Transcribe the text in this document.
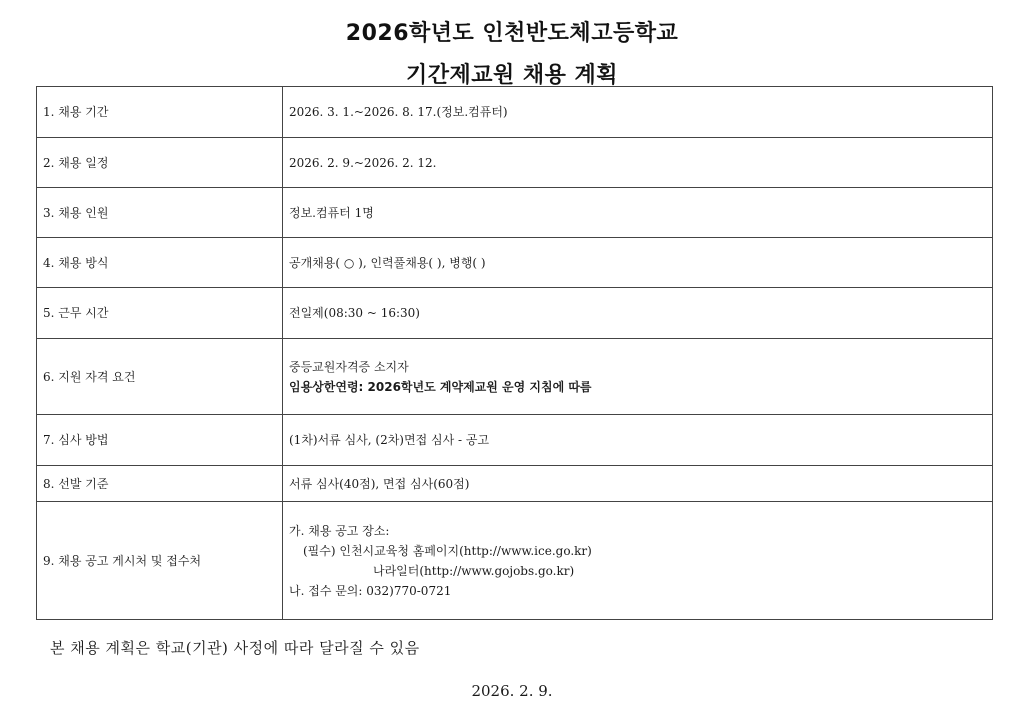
2026학년도 인천반도체고등학교
기간제교원 채용 계획
1. 채용 기간	2026. 3. 1.~2026. 8. 17.(정보.컴퓨터)
2. 채용 일정	2026. 2. 9.~2026. 2. 12.
3. 채용 인원	정보.컴퓨터 1명
4. 채용 방식	공개채용( ○ ), 인력풀채용( ), 병행( )
5. 근무 시간	전일제(08:30 ~ 16:30)
6. 지원 자격 요건	중등교원자격증 소지자
임용상한연령: 2026학년도 계약제교원 운영 지침에 따름

7. 심사 방법	(1차)서류 심사, (2차)면접 심사 - 공고
8. 선발 기준	서류 심사(40점), 면접 심사(60점)
9. 채용 공고 게시처 및 접수처	가. 채용 공고 장소:
(필수) 인천시교육청 홈페이지(http://www.ice.go.kr)
나라일터(http://www.gojobs.go.kr)
나. 접수 문의: 032)770-0721
본 채용 계획은 학교(기관) 사정에 따라 달라질 수 있음
2026. 2. 9.
